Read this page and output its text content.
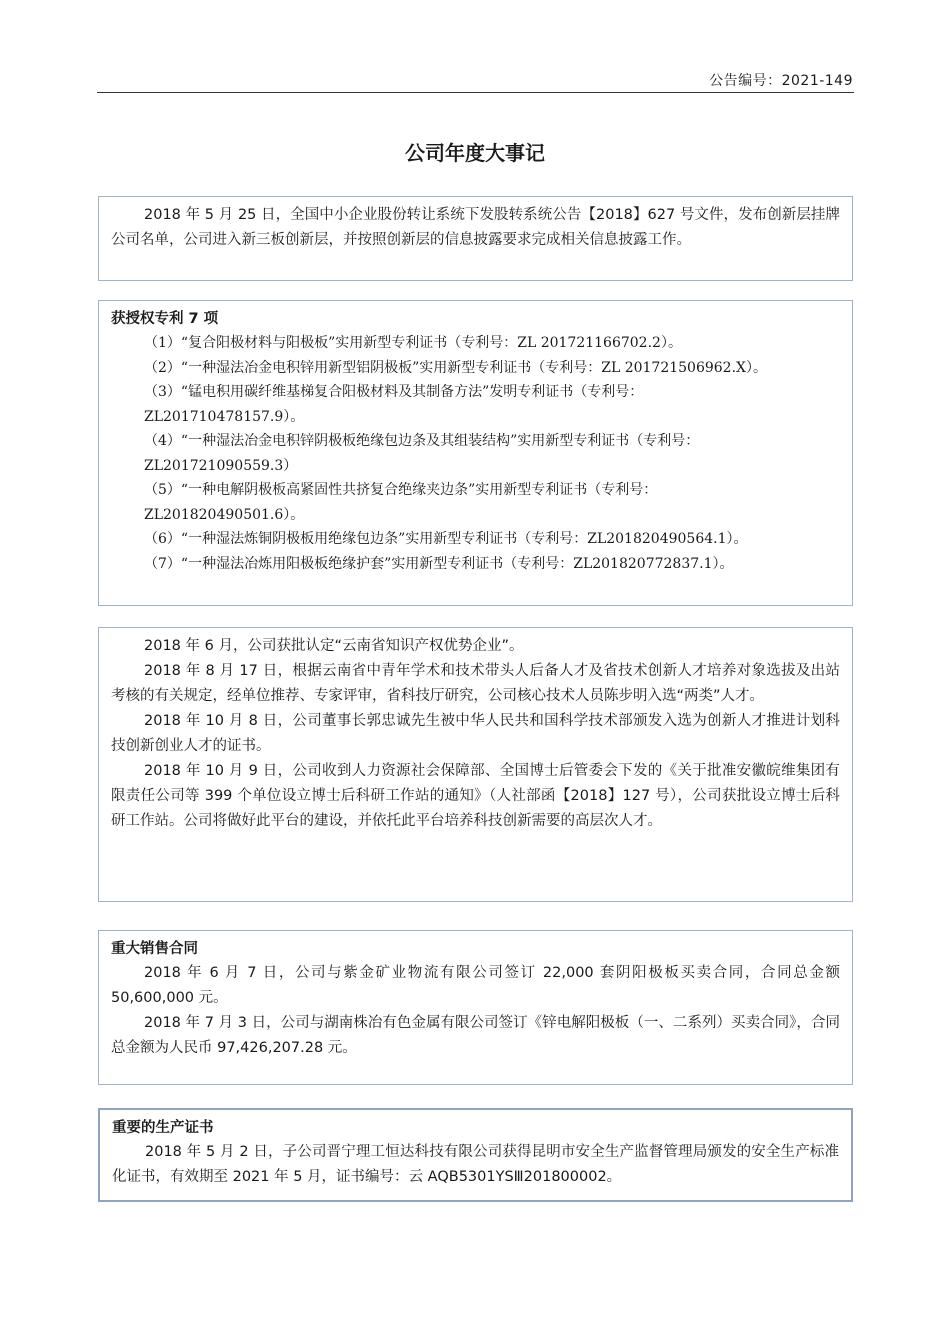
公告编号：2021-149
公司年度大事记

2018 年 5 月 25 日，全国中小企业股份转让系统下发股转系统公告【2018】627 号文件，发布创新层挂牌公司名单，公司进入新三板创新层，并按照创新层的信息披露要求完成相关信息披露工作。

获授权专利 7 项

（1）“复合阳极材料与阳极板”实用新型专利证书（专利号：ZL 201721166702.2）。

（2）“一种湿法冶金电积锌用新型铝阴极板”实用新型专利证书（专利号：ZL 201721506962.X）。

（3）“锰电积用碳纤维基梯复合阳极材料及其制备方法”发明专利证书（专利号：

ZL201710478157.9）。

（4）“一种湿法冶金电积锌阴极板绝缘包边条及其组装结构”实用新型专利证书（专利号：

ZL201721090559.3）

（5）“一种电解阴极板高紧固性共挤复合绝缘夹边条”实用新型专利证书（专利号：

ZL201820490501.6）。

（6）“一种湿法炼铜阴极板用绝缘包边条”实用新型专利证书（专利号：ZL201820490564.1）。

（7）“一种湿法冶炼用阳极板绝缘护套”实用新型专利证书（专利号：ZL201820772837.1）。

2018 年 6 月，公司获批认定“云南省知识产权优势企业”。

2018 年 8 月 17 日，根据云南省中青年学术和技术带头人后备人才及省技术创新人才培养对象选拔及出站考核的有关规定，经单位推荐、专家评审，省科技厅研究，公司核心技术人员陈步明入选“两类”人才。

2018 年 10 月 8 日，公司董事长郭忠诚先生被中华人民共和国科学技术部颁发入选为创新人才推进计划科技创新创业人才的证书。

2018 年 10 月 9 日，公司收到人力资源社会保障部、全国博士后管委会下发的《关于批准安徽皖维集团有限责任公司等 399 个单位设立博士后科研工作站的通知》（人社部函【2018】127 号），公司获批设立博士后科研工作站。公司将做好此平台的建设，并依托此平台培养科技创新需要的高层次人才。

重大销售合同

2018 年 6 月 7 日，公司与紫金矿业物流有限公司签订 22,000 套阴阳极板买卖合同，合同总金额 50,600,000 元。

2018 年 7 月 3 日，公司与湖南株冶有色金属有限公司签订《锌电解阳极板（一、二系列）买卖合同》，合同总金额为人民币 97,426,207.28 元。

重要的生产证书

2018 年 5 月 2 日，子公司晋宁理工恒达科技有限公司获得昆明市安全生产监督管理局颁发的安全生产标准化证书，有效期至 2021 年 5 月，证书编号：云 AQB5301YSⅢ201800002。
